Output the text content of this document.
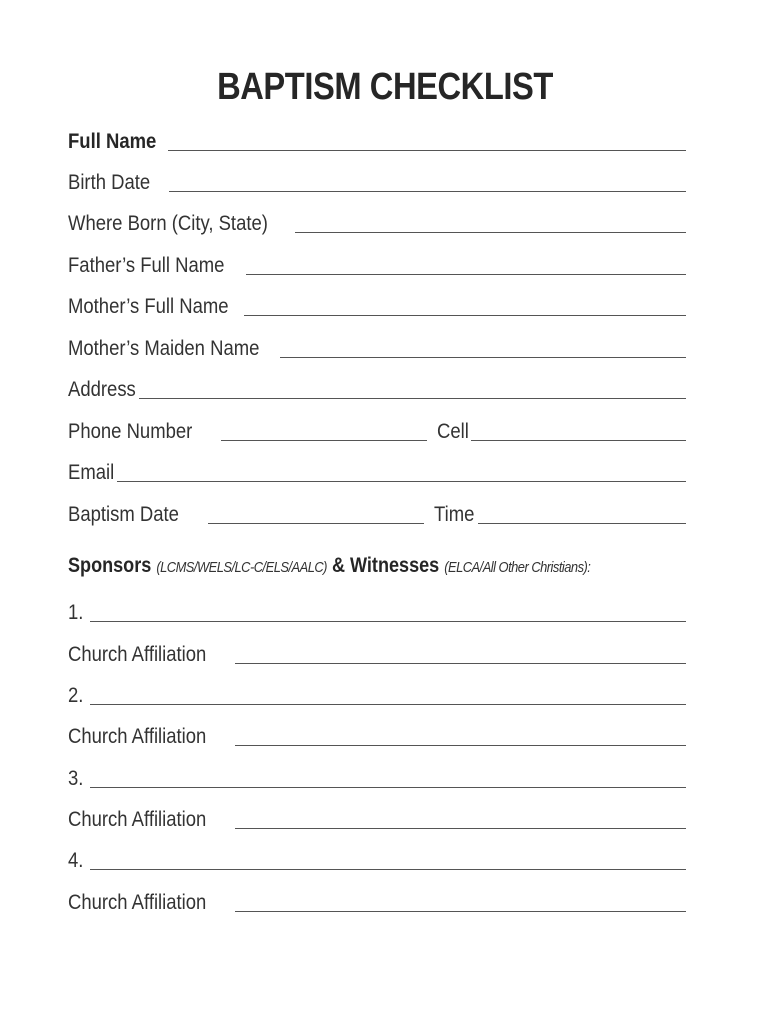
BAPTISM CHECKLIST
Full Name
Birth Date
Where Born (City, State)
Father’s Full Name
Mother’s Full Name
Mother’s Maiden Name
Address
Phone Number	Cell
Email
Baptism Date	Time
Sponsors (LCMS/WELS/LC-C/ELS/AALC) & Witnesses (ELCA/All Other Christians):
1.
Church Affiliation
2.
Church Affiliation
3.
Church Affiliation
4.
Church Affiliation
